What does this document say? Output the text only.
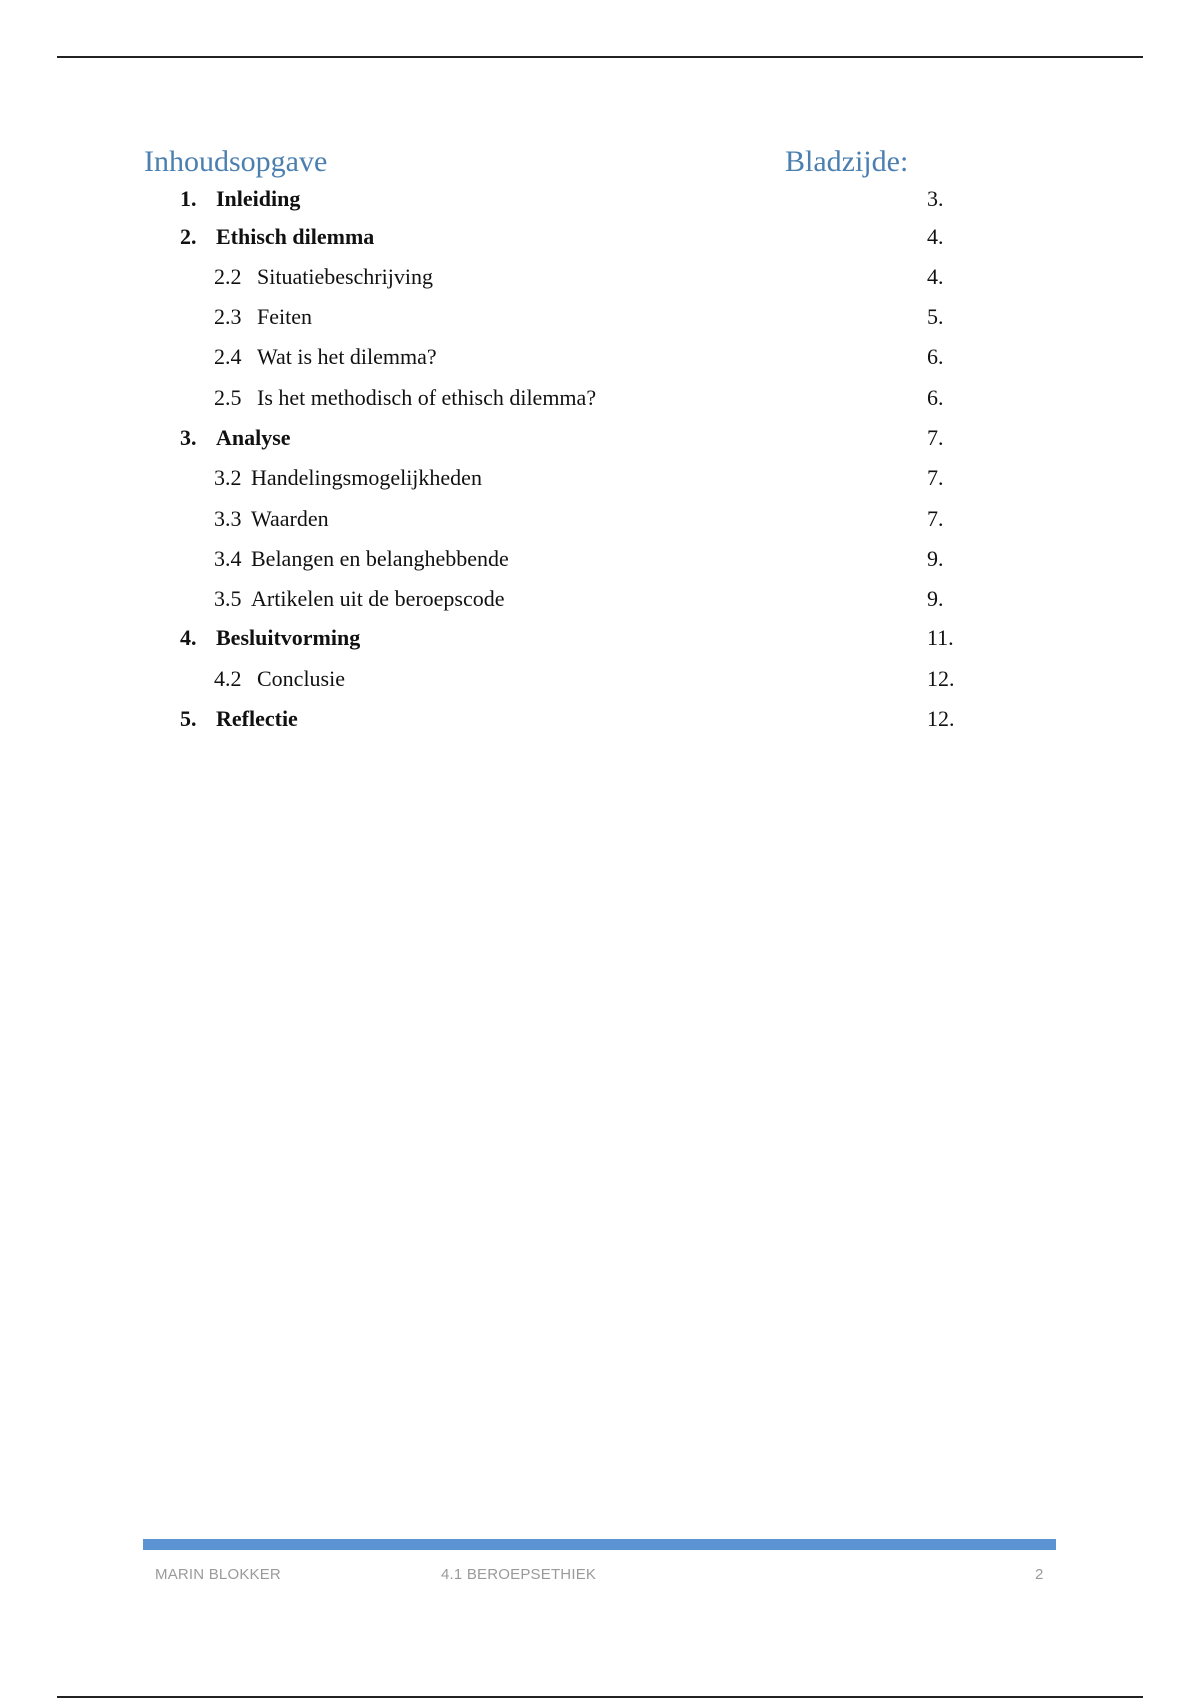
Inhoudsopgave	Bladzijde:
1. Inleiding	3.
2. Ethisch dilemma	4.
2.2 Situatiebeschrijving	4.
2.3 Feiten	5.
2.4 Wat is het dilemma?	6.
2.5 Is het methodisch of ethisch dilemma?	6.
3. Analyse	7.
3.2 Handelingsmogelijkheden	7.
3.3 Waarden	7.
3.4 Belangen en belanghebbende	9.
3.5 Artikelen uit de beroepscode	9.
4. Besluitvorming	11.
4.2 Conclusie	12.
5. Reflectie	12.
MARIN BLOKKER	4.1 BEROEPSETHIEK	2
